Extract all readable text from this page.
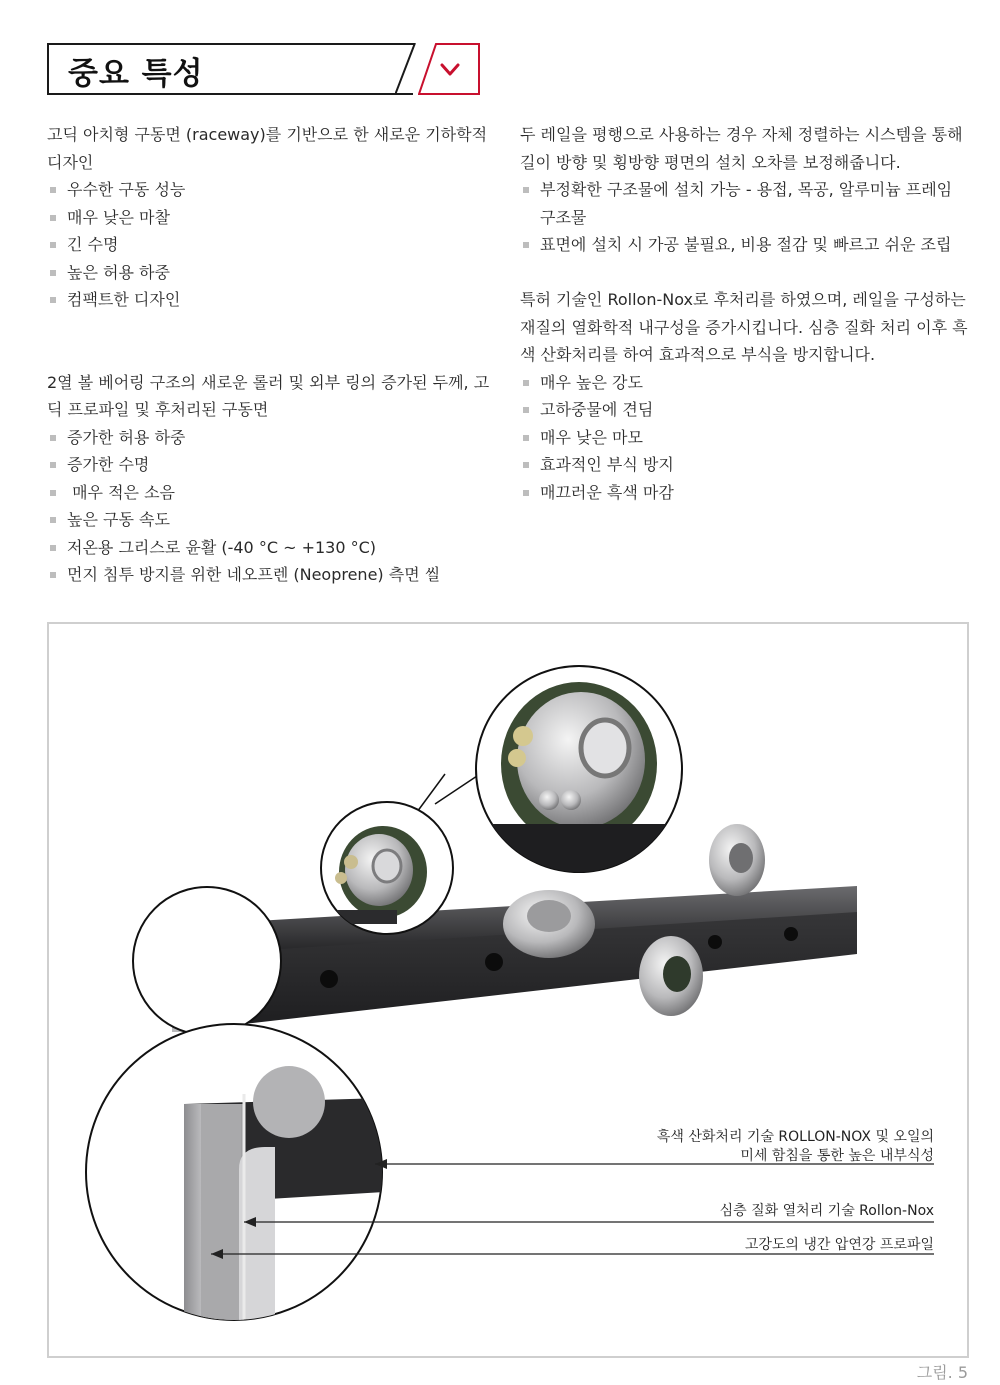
중요 특성

고딕 아치형 구동면 (raceway)를 기반으로 한 새로운 기하학적 디자인

우수한 구동 성능
매우 낮은 마찰
긴 수명
높은 허용 하중
컴팩트한 디자인

2열 볼 베어링 구조의 새로운 롤러 및 외부 링의 증가된 두께, 고딕 프로파일 및 후처리된 구동면

증가한 허용 하중
증가한 수명
매우 적은 소음
높은 구동 속도
저온용 그리스로 윤활 (-40 °C ~ +130 °C)
먼지 침투 방지를 위한 네오프렌 (Neoprene) 측면 씰

두 레일을 평행으로 사용하는 경우 자체 정렬하는 시스템을 통해 길이 방향 및 횡방향 평면의 설치 오차를 보정해줍니다.

부정확한 구조물에 설치 가능 - 용접, 목공, 알루미늄 프레임 구조물
표면에 설치 시 가공 불필요, 비용 절감 및 빠르고 쉬운 조립

특허 기술인 Rollon-Nox로 후처리를 하였으며, 레일을 구성하는 재질의 열화학적 내구성을 증가시킵니다. 심층 질화 처리 이후 흑색 산화처리를 하여 효과적으로 부식을 방지합니다.

매우 높은 강도
고하중물에 견딤
매우 낮은 마모
효과적인 부식 방지
매끄러운 흑색 마감
흑색 산화처리 기술 ROLLON-NOX 및 오일의
미세 함침을 통한 높은 내부식성
심층 질화 열처리 기술 Rollon-Nox
고강도의 냉간 압연강 프로파일
그림. 5
